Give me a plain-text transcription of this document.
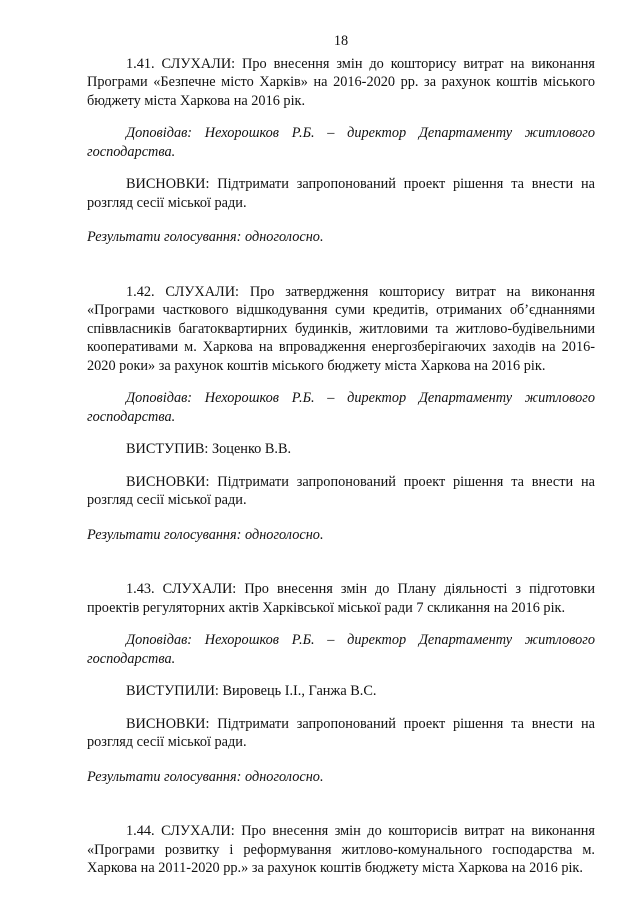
18

1.41. СЛУХАЛИ: Про внесення змін до кошторису витрат на виконання Програми «Безпечне місто Харків» на 2016-2020 рр. за рахунок коштів міського бюджету міста Харкова на 2016 рік.

Доповідав: Нехорошков Р.Б. – директор Департаменту житлового господарства.

ВИСНОВКИ: Підтримати запропонований проект рішення та внести на розгляд сесії міської ради.

Результати голосування: одноголосно.

1.42. СЛУХАЛИ: Про затвердження кошторису витрат на виконання «Програми часткового відшкодування суми кредитів, отриманих об’єднаннями співвласників багатоквартирних будинків, житловими та житлово-будівельними кооперативами м. Харкова на впровадження енергозберігаючих заходів на 2016-2020 роки» за рахунок коштів міського бюджету міста Харкова на 2016 рік.

Доповідав: Нехорошков Р.Б. – директор Департаменту житлового господарства.

ВИСТУПИВ: Зоценко В.В.

ВИСНОВКИ: Підтримати запропонований проект рішення та внести на розгляд сесії міської ради.

Результати голосування: одноголосно.

1.43. СЛУХАЛИ: Про внесення змін до Плану діяльності з підготовки проектів регуляторних актів Харківської міської ради 7 скликання на 2016 рік.

Доповідав: Нехорошков Р.Б. – директор Департаменту житлового господарства.

ВИСТУПИЛИ: Вировець І.І., Ганжа В.С.

ВИСНОВКИ: Підтримати запропонований проект рішення та внести на розгляд сесії міської ради.

Результати голосування: одноголосно.

1.44. СЛУХАЛИ: Про внесення змін до кошторисів витрат на виконання «Програми розвитку і реформування житлово-комунального господарства м. Харкова на 2011-2020 рр.» за рахунок коштів бюджету міста Харкова на 2016 рік.
